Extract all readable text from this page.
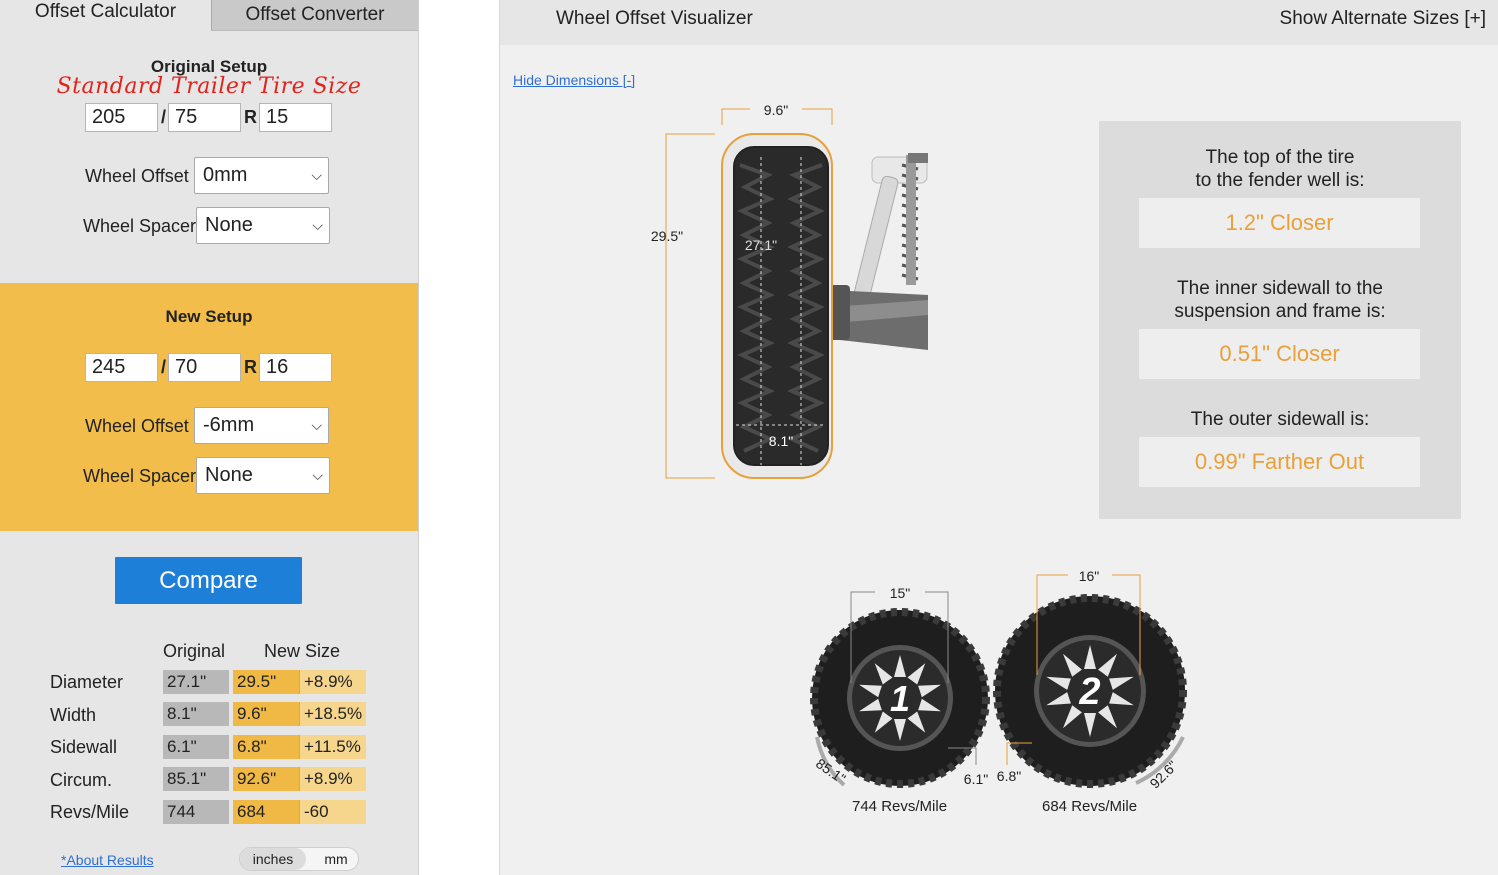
Offset Calculator	Offset Converter
Original Setup
Standard Trailer Tire Size
205	/ 75	R 15
Wheel Offset 0mm	⌵
Wheel Spacer None	⌵
New Setup
245	/ 70	R 16
Wheel Offset -6mm	⌵
Wheel Spacer None	⌵
Compare
Original New Size
Diameter	27.1"	29.5"	+8.9%
Width	8.1"	9.6"	+18.5%
Sidewall	6.1"	6.8"	+11.5%
Circum.	85.1"	92.6"	+8.9%
Revs/Mile 744	684	-60
*About Results	inches	mm
Wheel Offset Visualizer	Show Alternate Sizes [+]
Hide Dimensions [-]
9.6"
29.5"
27.1"
8.1"
The top of the tire
to the fender well is:
1.2" Closer
The inner sidewall to the
suspension and frame is:
0.51" Closer
The outer sidewall is:
0.99" Farther Out
1	2
15"
6.1"
85.1"
16"
6.8"	92.6"
744 Revs/Mile	684 Revs/Mile
